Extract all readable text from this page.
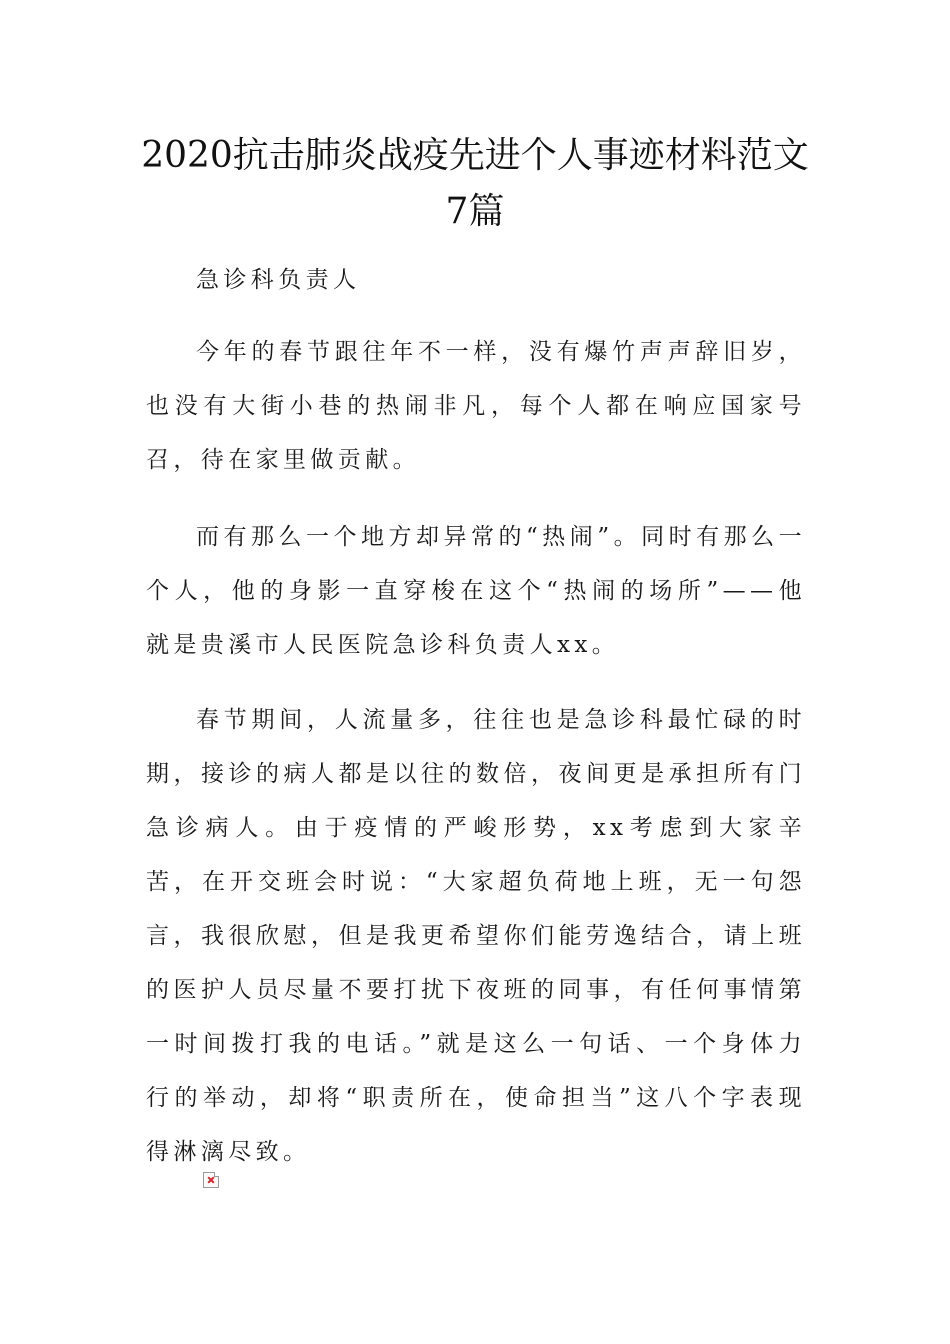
2020抗击肺炎战疫先进个人事迹材料范文
7篇

急诊科负责人

今年的春节跟往年不一样，没有爆竹声声辞旧岁，也没有大街小巷的热闹非凡，每个人都在响应国家号召，待在家里做贡献。

而有那么一个地方却异常的“热闹”。同时有那么一个人，他的身影一直穿梭在这个“热闹的场所”——他就是贵溪市人民医院急诊科负责人xx。

春节期间，人流量多，往往也是急诊科最忙碌的时期，接诊的病人都是以往的数倍，夜间更是承担所有门急诊病人。由于疫情的严峻形势，xx考虑到大家辛苦，在开交班会时说：“大家超负荷地上班，无一句怨言，我很欣慰，但是我更希望你们能劳逸结合，请上班的医护人员尽量不要打扰下夜班的同事，有任何事情第一时间拨打我的电话。”就是这么一句话、一个身体力行的举动，却将“职责所在，使命担当”这八个字表现得淋漓尽致。
